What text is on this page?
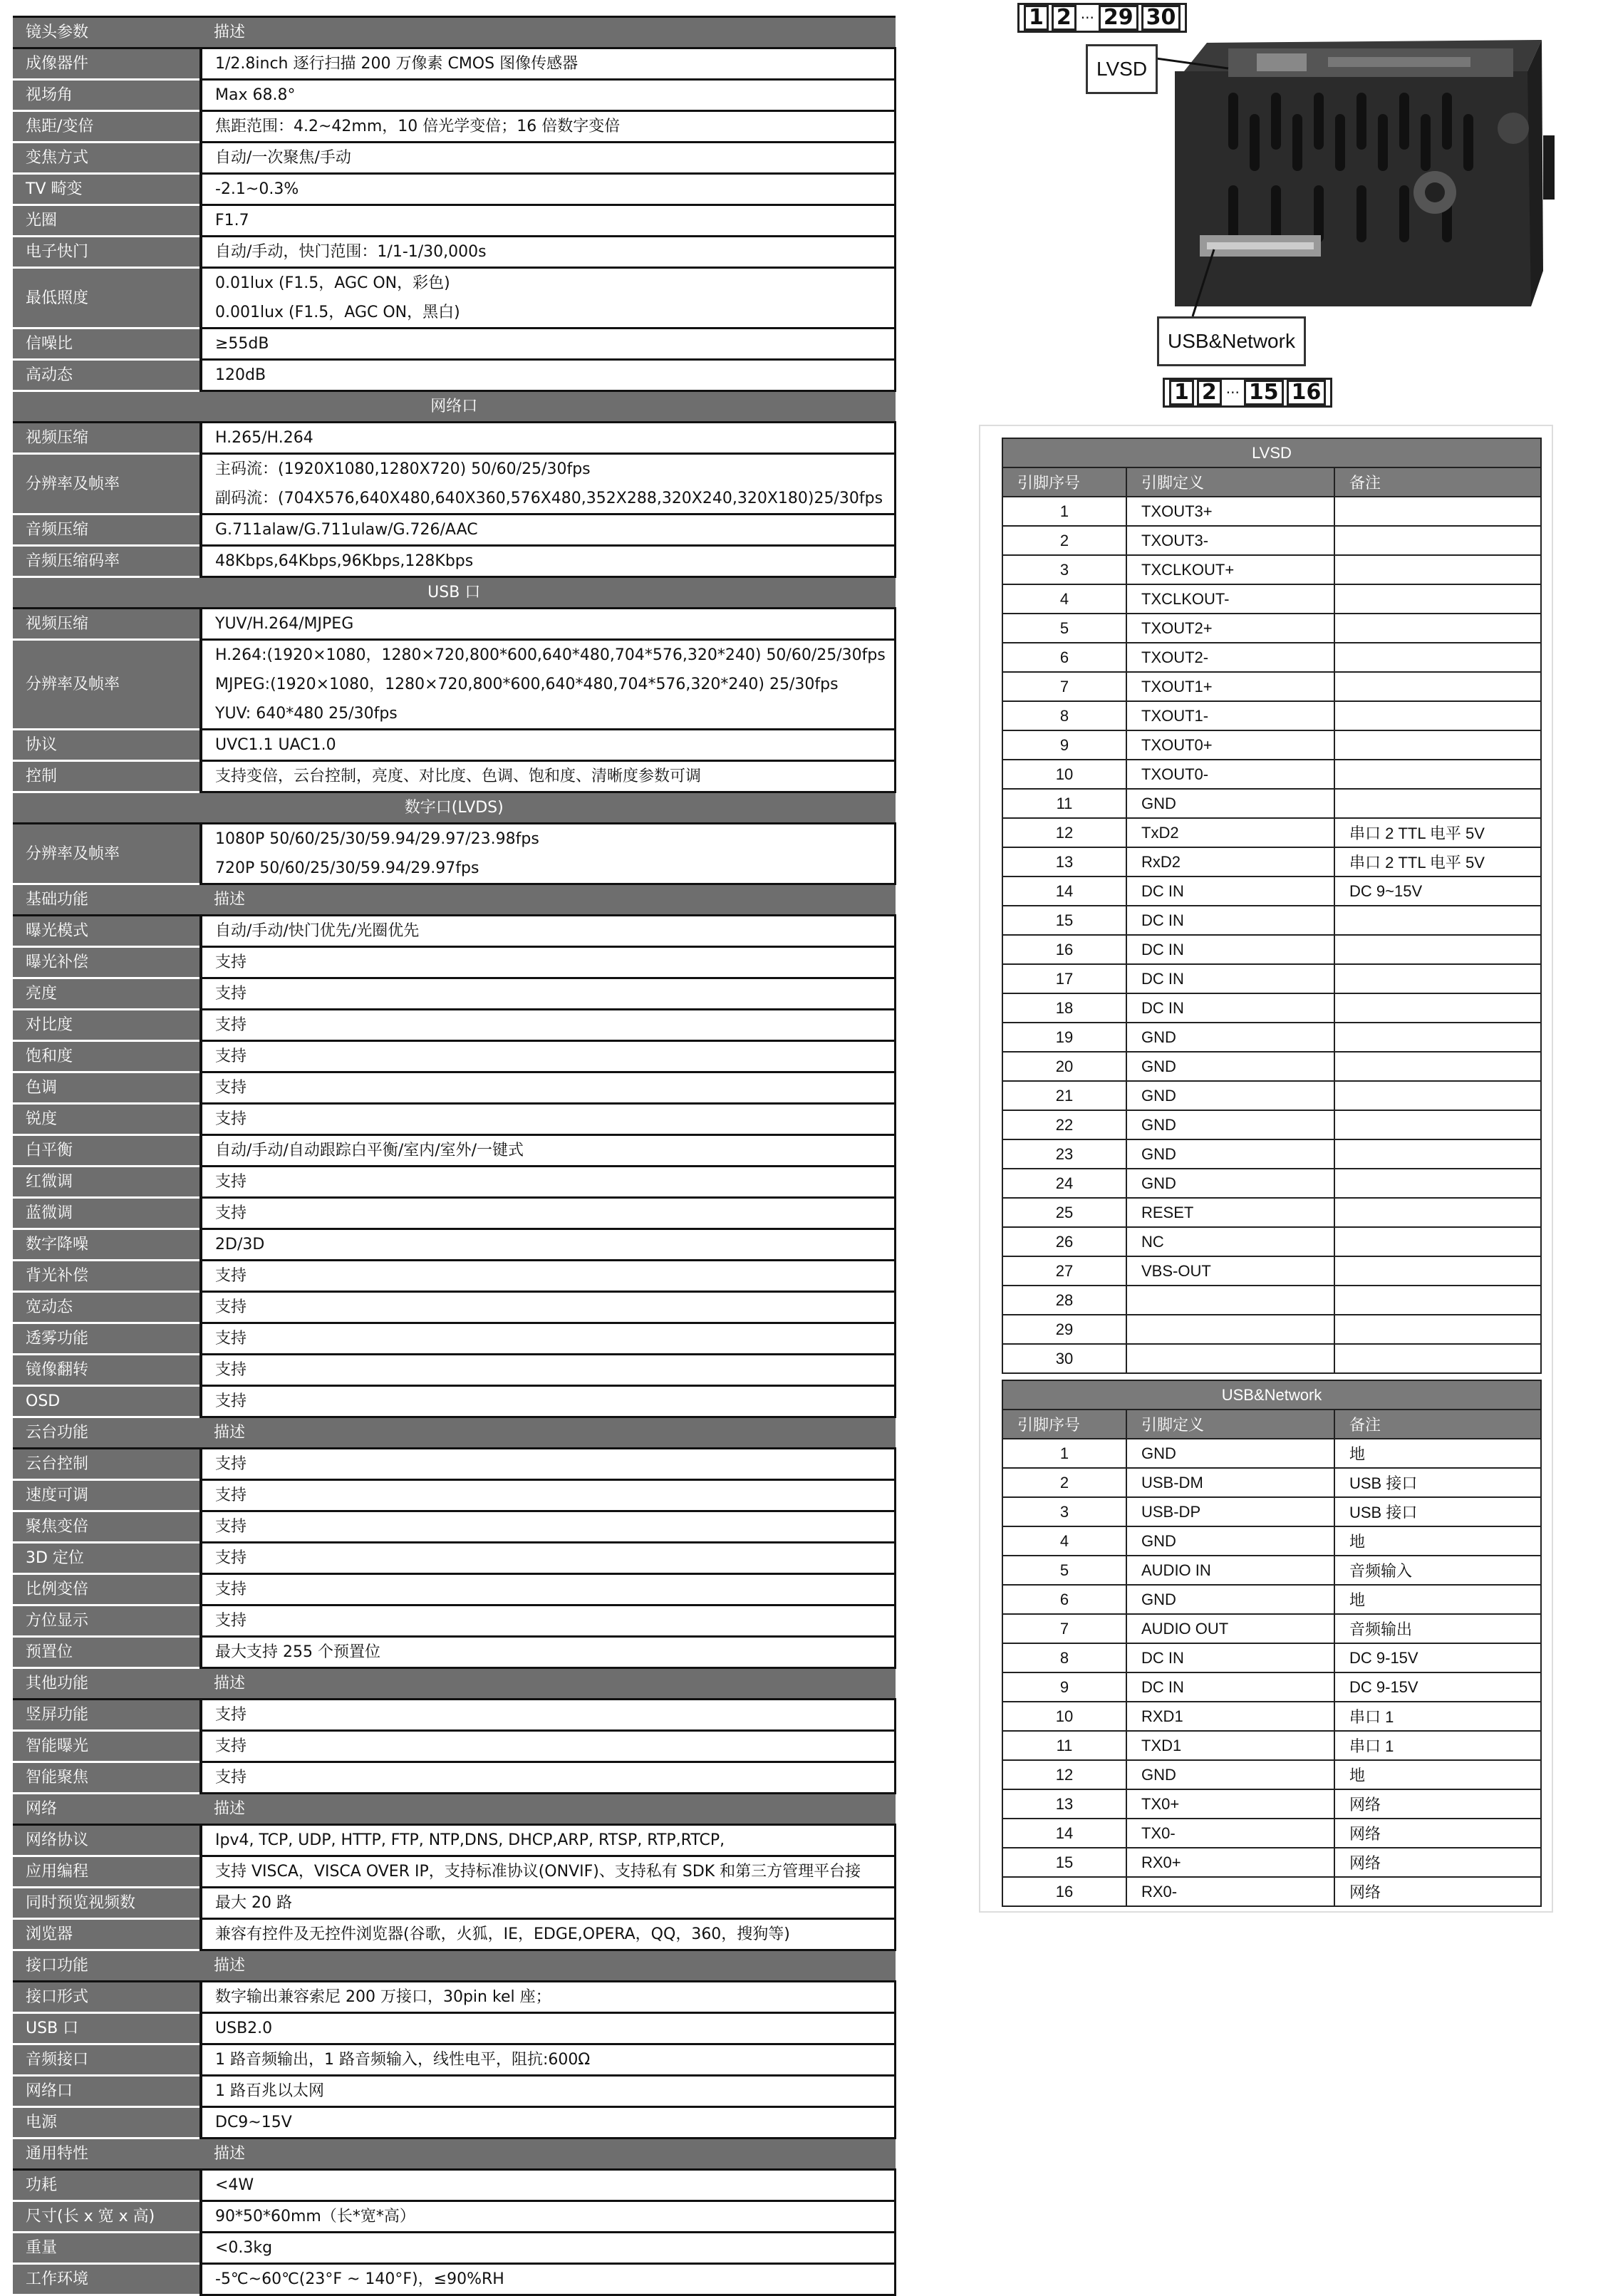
镜头参数	描述

成像器件	1/2.8inch 逐行扫描 200 万像素 CMOS 图像传感器

视场角	Max 68.8°

焦距/变倍	焦距范围：4.2~42mm，10 倍光学变倍；16 倍数字变倍

变焦方式	自动/一次聚焦/手动

TV 畸变	-2.1~0.3%

光圈	F1.7

电子快门	自动/手动，快门范围：1/1-1/30,000s

最低照度	0.01lux (F1.5，AGC ON，彩色)
0.001lux (F1.5，AGC ON，黑白)

信噪比	≥55dB

高动态	120dB

网络口	
视频压缩	H.265/H.264

分辨率及帧率	主码流：(1920X1080,1280X720) 50/60/25/30fps
副码流：(704X576,640X480,640X360,576X480,352X288,320X240,320X180)25/30fps

音频压缩	G.711alaw/G.711ulaw/G.726/AAC

音频压缩码率	48Kbps,64Kbps,96Kbps,128Kbps

USB 口	
视频压缩	YUV/H.264/MJPEG

分辨率及帧率	H.264:(1920×1080，1280×720,800*600,640*480,704*576,320*240) 50/60/25/30fps
MJPEG:(1920×1080，1280×720,800*600,640*480,704*576,320*240) 25/30fps
YUV: 640*480 25/30fps

协议	UVC1.1 UAC1.0

控制	支持变倍，云台控制，亮度、对比度、色调、饱和度、清晰度参数可调

数字口(LVDS)	
分辨率及帧率	1080P 50/60/25/30/59.94/29.97/23.98fps
720P 50/60/25/30/59.94/29.97fps

基础功能	描述

曝光模式	自动/手动/快门优先/光圈优先

曝光补偿	支持

亮度	支持

对比度	支持

饱和度	支持

色调	支持

锐度	支持

白平衡	自动/手动/自动跟踪白平衡/室内/室外/一键式

红微调	支持

蓝微调	支持

数字降噪	2D/3D

背光补偿	支持

宽动态	支持

透雾功能	支持

镜像翻转	支持

OSD	支持

云台功能	描述

云台控制	支持

速度可调	支持

聚焦变倍	支持

3D 定位	支持

比例变倍	支持

方位显示	支持

预置位	最大支持 255 个预置位

其他功能	描述

竖屏功能	支持

智能曝光	支持

智能聚焦	支持

网络	描述

网络协议	Ipv4, TCP, UDP, HTTP, FTP, NTP,DNS, DHCP,ARP, RTSP, RTP,RTCP,

应用编程	支持 VISCA，VISCA OVER IP，支持标准协议(ONVIF)、支持私有 SDK 和第三方管理平台接

同时预览视频数	最大 20 路

浏览器	兼容有控件及无控件浏览器(谷歌，火狐，IE，EDGE,OPERA，QQ，360，搜狗等)

接口功能	描述

接口形式	数字输出兼容索尼 200 万接口，30pin kel 座；

USB 口	USB2.0

音频接口	1 路音频输出，1 路音频输入，线性电平，阻抗:600Ω

网络口	1 路百兆以太网

电源	DC9~15V

通用特性	描述

功耗	<4W

尺寸(长 x 宽 x 高)	90*50*60mm（长*宽*高）

重量	<0.3kg

工作环境	-5℃~60℃(23°F ~ 140°F)，≤90%RH
1 2 ··· 29 30
LVSD
USB&Network
1 2 ··· 15 16
LVSD		
引脚序号	引脚定义	备注
1	TXOUT3+	
2	TXOUT3-	
3	TXCLKOUT+	
4	TXCLKOUT-	
5	TXOUT2+	
6	TXOUT2-	
7	TXOUT1+	
8	TXOUT1-	
9	TXOUT0+	
10	TXOUT0-	
11	GND	
12	TxD2	串口 2 TTL 电平 5V
13	RxD2	串口 2 TTL 电平 5V
14	DC IN	DC 9~15V
15	DC IN	
16	DC IN	
17	DC IN	
18	DC IN	
19	GND	
20	GND	
21	GND	
22	GND	
23	GND	
24	GND	
25	RESET	
26	NC	
27	VBS-OUT	
28		
29		
30		
USB&Network		
引脚序号	引脚定义	备注
1	GND	地
2	USB-DM	USB 接口
3	USB-DP	USB 接口
4	GND	地
5	AUDIO IN	音频输入
6	GND	地
7	AUDIO OUT	音频输出
8	DC IN	DC 9-15V
9	DC IN	DC 9-15V
10	RXD1	串口 1
11	TXD1	串口 1
12	GND	地
13	TX0+	网络
14	TX0-	网络
15	RX0+	网络
16	RX0-	网络
